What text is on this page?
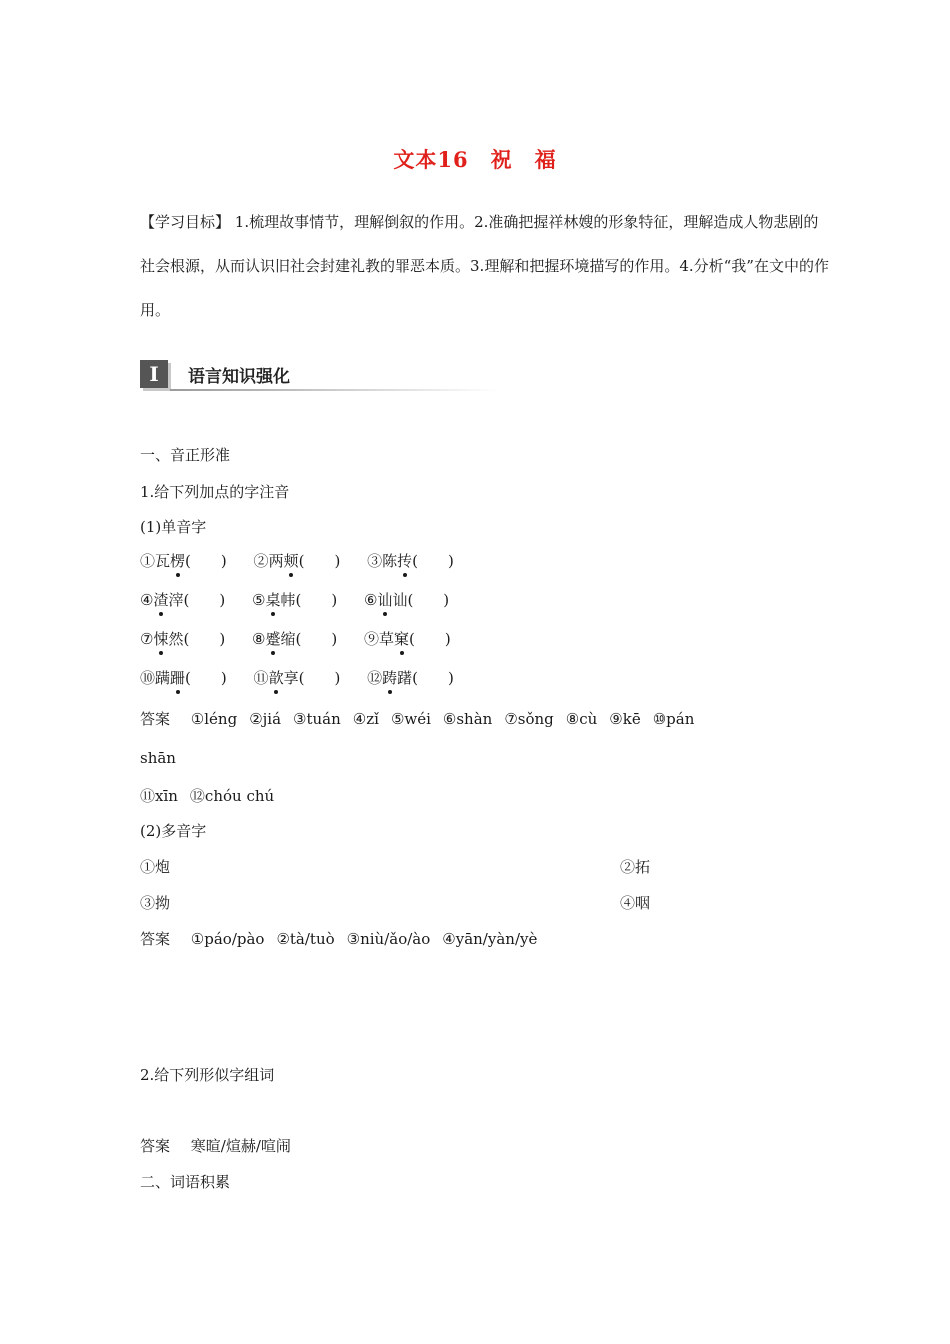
文本16　祝　福
【学习目标】 1.梳理故事情节，理解倒叙的作用。2.准确把握祥林嫂的形象特征，理解造成人物悲剧的社会根源，从而认识旧社会封建礼教的罪恶本质。3.理解和把握环境描写的作用。4.分析“我”在文中的作用。
I	语言知识强化
一、音正形准
1.给下列加点的字注音
(1)单音字
①瓦楞(　　) ②两颊(　　) ③陈抟(　　)
④渣滓(　　) ⑤桌帏(　　) ⑥讪讪(　　)
⑦悚然(　　) ⑧蹙缩(　　) ⑨草窠(　　)
⑩蹒跚(　　) ⑪歆享(　　) ⑫踌躇(　　)
答案 ①léng ②jiá ③tuán ④zǐ ⑤wéi ⑥shàn ⑦sǒng ⑧cù ⑨kē ⑩pán
shān
⑪xīn ⑫chóu chú
(2)多音字
①炮	②拓
③拗	④咽
答案 ①páo/pào ②tà/tuò ③niù/ǎo/ào ④yān/yàn/yè
2.给下列形似字组词
答案 寒暄/煊赫/喧闹
二、词语积累
